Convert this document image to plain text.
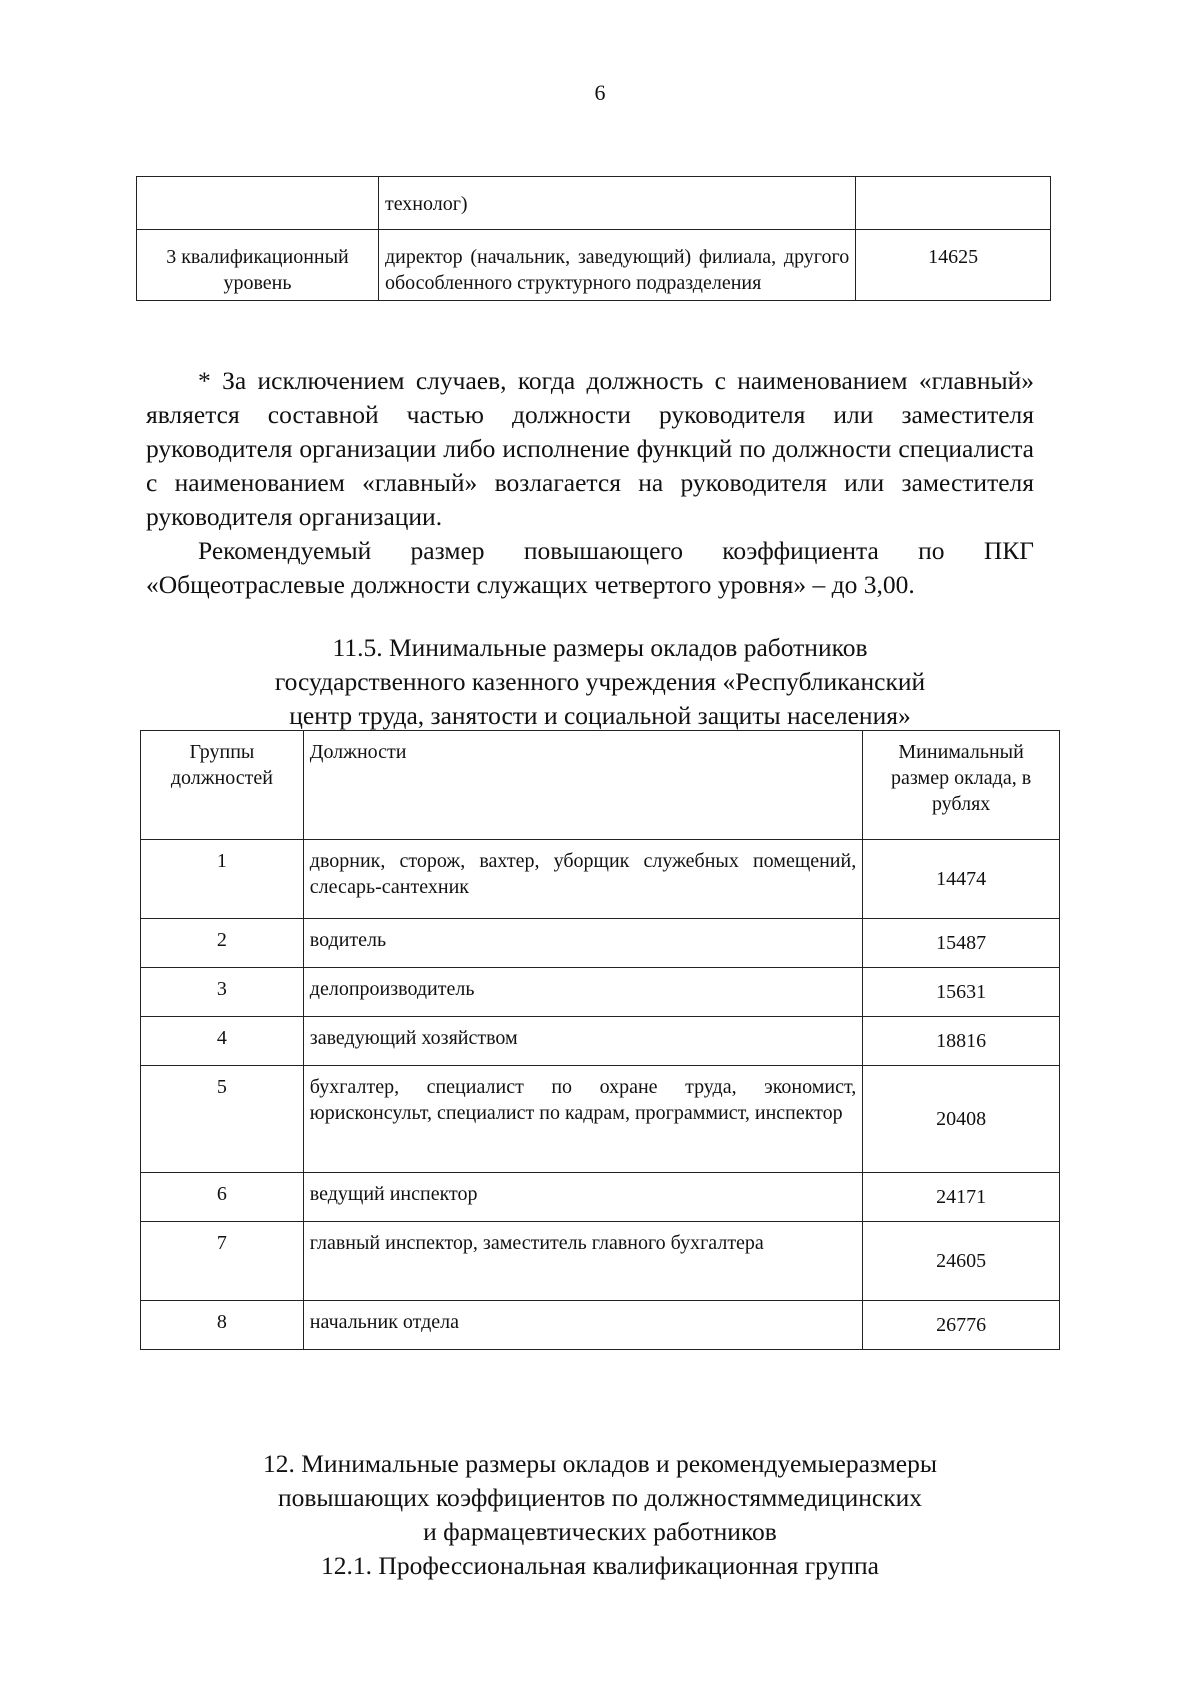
6
	технолог)	
3 квалификационный уровень	директор (начальник, заведующий) филиала, другого обособленного структурного подразделения	14625

* За исключением случаев, когда должность с наименованием «главный» является составной частью должности руководителя или заместителя руководителя организации либо исполнение функций по должности специалиста с наименованием «главный» возлагается на руководителя или заместителя руководителя организации.

Рекомендуемый размер повышающего коэффициента по ПКГ «Общеотраслевые должности служащих четвертого уровня» – до 3,00.

11.5. Минимальные размеры окладов работников
государственного казенного учреждения «Республиканский
центр труда, занятости и социальной защиты населения»
Группы должностей	Должности	Минимальный размер оклада, в рублях
1	дворник, сторож, вахтер, уборщик служебных помещений, слесарь-сантехник	14474
2	водитель	15487
3	делопроизводитель	15631
4	заведующий хозяйством	18816
5	бухгалтер, специалист по охране труда, экономист, юрисконсульт, специалист по кадрам, программист, инспектор	20408
6	ведущий инспектор	24171
7	главный инспектор, заместитель главного бухгалтера	24605
8	начальник отдела	26776
12. Минимальные размеры окладов и рекомендуемыеразмеры
повышающих коэффициентов по должностяммедицинских
и фармацевтических работников
12.1. Профессиональная квалификационная группа
